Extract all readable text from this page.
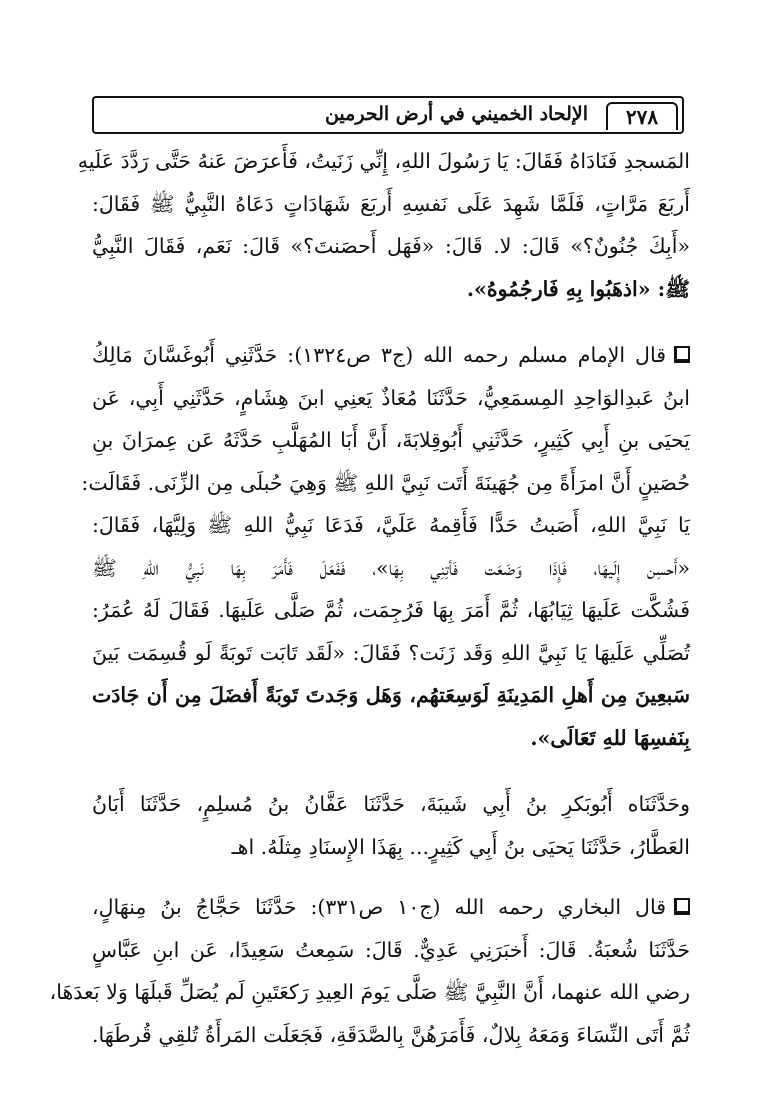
٢٧٨
الإلحاد الخميني في أرض الحرمين
المَسجدِ فَنَادَاهُ فَقَالَ: يَا رَسُولَ اللهِ، إِنِّي زَنَيتُ، فَأَعرَضَ عَنهُ حَتَّى رَدَّدَ عَلَيهِ
أَربَعَ مَرَّاتٍ، فَلَمَّا شَهِدَ عَلَى نَفسِهِ أَربَعَ شَهَادَاتٍ دَعَاهُ النَّبِيُّ ﷺ فَقَالَ:
«أَبِكَ جُنُونٌ؟» قَالَ: لا. قَالَ: «فَهَل أَحصَنتَ؟» قَالَ: نَعَم، فَقَالَ النَّبِيُّ
ﷺ: «اذهَبُوا بِهِ فَارجُمُوهُ».
قال الإمام مسلم رحمه الله (ج٣ ص١٣٢٤): حَدَّثَنِي أَبُوغَسَّانَ مَالِكُ
ابنُ عَبدِالوَاحِدِ المِسمَعِيُّ، حَدَّثَنَا مُعَاذٌ يَعنِي ابنَ هِشَامٍ، حَدَّثَنِي أَبِي، عَن
يَحيَى بنِ أَبِي كَثِيرٍ، حَدَّثَنِي أَبُوقِلابَةَ، أَنَّ أَبَا المُهَلَّبِ حَدَّثَهُ عَن عِمرَانَ بنِ
حُصَينٍ أَنَّ امرَأَةً مِن جُهَينَةَ أَتَت نَبِيَّ اللهِ ﷺ وَهِيَ حُبلَى مِن الزِّنَى. فَقَالَت:
يَا نَبِيَّ اللهِ، أَصَبتُ حَدًّا فَأَقِمهُ عَلَيَّ، فَدَعَا نَبِيُّ اللهِ ﷺ وَلِيَّهَا، فَقَالَ:
«أَحسِن إِلَيهَا، فَإِذَا وَضَعَت فَأتِنِي بِهَا»، فَفَعَلَ فَأَمَرَ بِهَا نَبِيُّ اللهِ ﷺ
فَشُكَّت عَلَيهَا ثِيَابُهَا، ثُمَّ أَمَرَ بِهَا فَرُجِمَت، ثُمَّ صَلَّى عَلَيهَا. فَقَالَ لَهُ عُمَرُ:
تُصَلِّي عَلَيهَا يَا نَبِيَّ اللهِ وَقَد زَنَت؟ فَقَالَ: «لَقَد تَابَت تَوبَةً لَو قُسِمَت بَينَ
سَبعِينَ مِن أَهلِ المَدِينَةِ لَوَسِعَتهُم، وَهَل وَجَدتَ تَوبَةً أَفضَلَ مِن أَن جَادَت
بِنَفسِهَا للهِ تَعَالَى».
وحَدَّثَنَاه أَبُوبَكرِ بنُ أَبِي شَيبَةَ، حَدَّثَنَا عَفَّانُ بنُ مُسلِمٍ، حَدَّثَنَا أَبَانُ
العَطَّارُ، حَدَّثَنَا يَحيَى بنُ أَبِي كَثِيرٍ... بِهَذَا الإِسنَادِ مِثلَهُ. اهـ
قال البخاري رحمه الله (ج١٠ ص٣٣١): حَدَّثَنَا حَجَّاجُ بنُ مِنهَالٍ،
حَدَّثَنَا شُعبَةُ. قَالَ: أَخبَرَنِي عَدِيٌّ. قَالَ: سَمِعتُ سَعِيدًا، عَن ابنِ عَبَّاسٍ
رضي الله عنهما، أَنَّ النَّبِيَّ ﷺ صَلَّى يَومَ العِيدِ رَكعَتَينِ لَم يُصَلِّ قَبلَهَا وَلا بَعدَهَا،
ثُمَّ أَتَى النِّسَاءَ وَمَعَهُ بِلالٌ، فَأَمَرَهُنَّ بِالصَّدَقَةِ، فَجَعَلَت المَرأَةُ تُلقِي قُرطَهَا.
